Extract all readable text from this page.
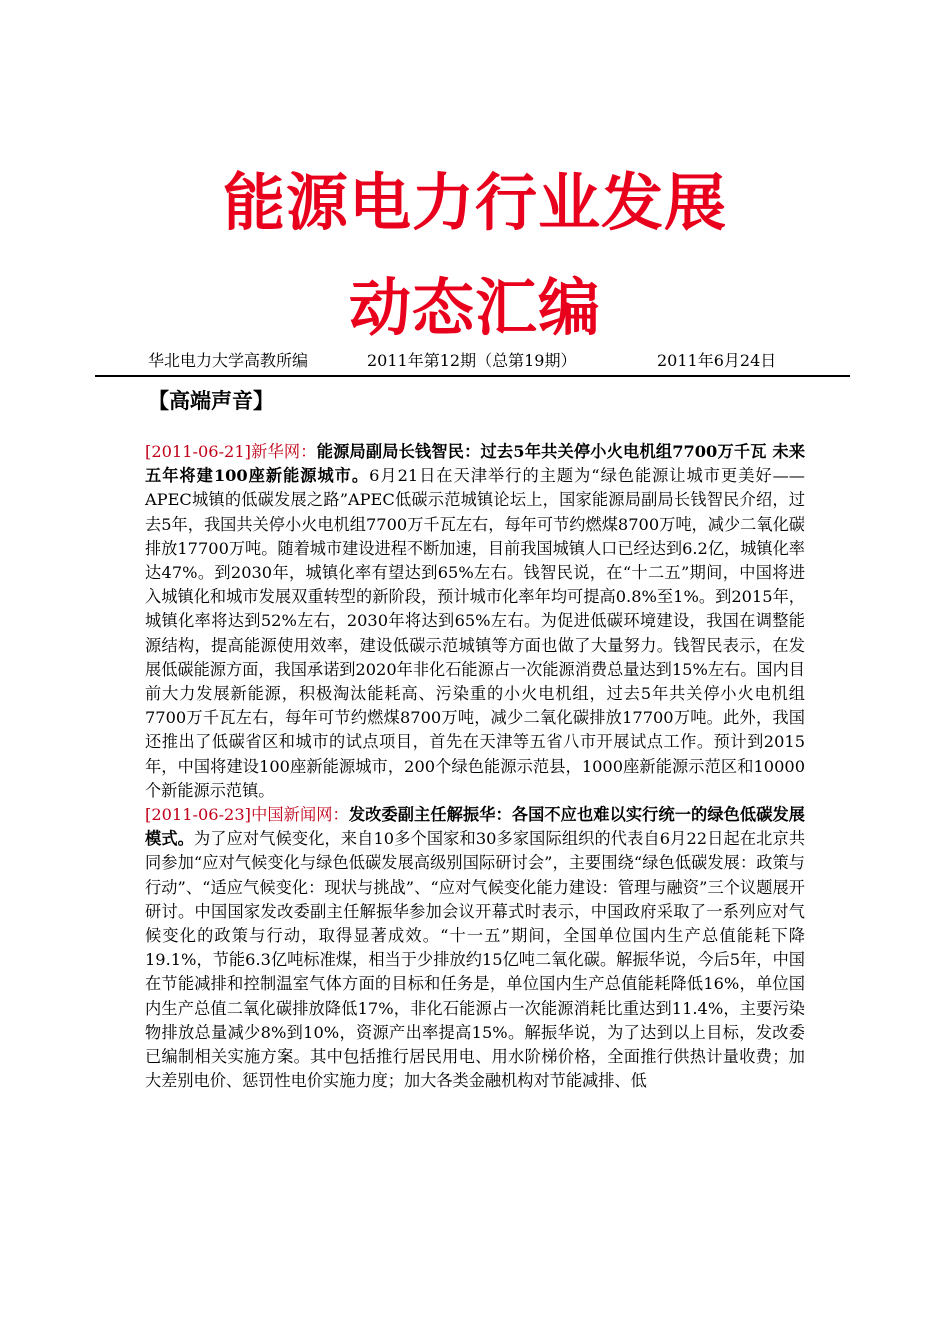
能源电力行业发展
动态汇编
华北电力大学高教所编	2011年第12期（总第19期）	2011年6月24日
【高端声音】

[2011-06-21]新华网：能源局副局长钱智民：过去5年共关停小火电机组7700万千瓦 未来五年将建100座新能源城市。6月21日在天津举行的主题为“绿色能源让城市更美好——APEC城镇的低碳发展之路”APEC低碳示范城镇论坛上，国家能源局副局长钱智民介绍，过去5年，我国共关停小火电机组7700万千瓦左右，每年可节约燃煤8700万吨，减少二氧化碳排放17700万吨。随着城市建设进程不断加速，目前我国城镇人口已经达到6.2亿，城镇化率达47%。到2030年，城镇化率有望达到65%左右。钱智民说，在“十二五”期间，中国将进入城镇化和城市发展双重转型的新阶段，预计城市化率年均可提高0.8%至1%。到2015年，城镇化率将达到52%左右，2030年将达到65%左右。为促进低碳环境建设，我国在调整能源结构，提高能源使用效率，建设低碳示范城镇等方面也做了大量努力。钱智民表示，在发展低碳能源方面，我国承诺到2020年非化石能源占一次能源消费总量达到15%左右。国内目前大力发展新能源，积极淘汰能耗高、污染重的小火电机组，过去5年共关停小火电机组7700万千瓦左右，每年可节约燃煤8700万吨，减少二氧化碳排放17700万吨。此外，我国还推出了低碳省区和城市的试点项目，首先在天津等五省八市开展试点工作。预计到2015年，中国将建设100座新能源城市，200个绿色能源示范县，1000座新能源示范区和10000个新能源示范镇。

[2011-06-23]中国新闻网：发改委副主任解振华：各国不应也难以实行统一的绿色低碳发展模式。为了应对气候变化，来自10多个国家和30多家国际组织的代表自6月22日起在北京共同参加“应对气候变化与绿色低碳发展高级别国际研讨会”，主要围绕“绿色低碳发展：政策与行动”、“适应气候变化：现状与挑战”、“应对气候变化能力建设：管理与融资”三个议题展开研讨。中国国家发改委副主任解振华参加会议开幕式时表示，中国政府采取了一系列应对气候变化的政策与行动，取得显著成效。“十一五”期间，全国单位国内生产总值能耗下降19.1%，节能6.3亿吨标准煤，相当于少排放约15亿吨二氧化碳。解振华说，今后5年，中国在节能减排和控制温室气体方面的目标和任务是，单位国内生产总值能耗降低16%，单位国内生产总值二氧化碳排放降低17%，非化石能源占一次能源消耗比重达到11.4%，主要污染物排放总量减少8%到10%，资源产出率提高15%。解振华说，为了达到以上目标，发改委已编制相关实施方案。其中包括推行居民用电、用水阶梯价格，全面推行供热计量收费；加大差别电价、惩罚性电价实施力度；加大各类金融机构对节能减排、低
